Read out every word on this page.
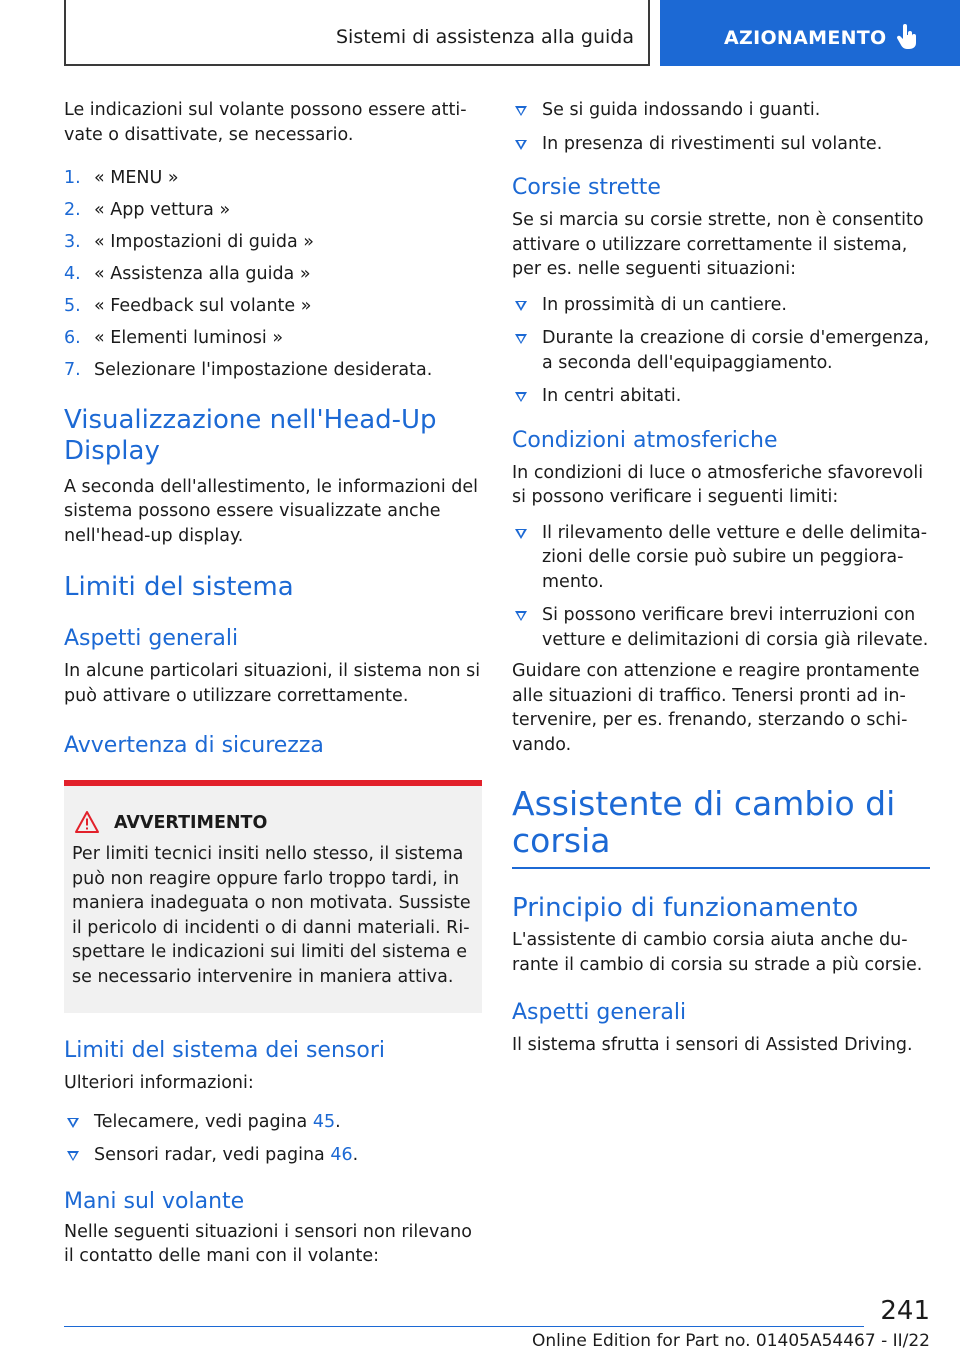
Sistemi di assistenza alla guida	AZIONAMENTO

Le indicazioni sul volante possono essere attivate o disattivate, se necessario.

1. « MENU »
2. « App vettura »
3. « Impostazioni di guida »
4. « Assistenza alla guida »
5. « Feedback sul volante »
6. « Elementi luminosi »
7. Selezionare l'impostazione desiderata.
Visualizzazione nell'Head-Up Display

A seconda dell'allestimento, le informazioni del sistema possono essere visualizzate anche nell'head-up display.

Limiti del sistema
Aspetti generali

In alcune particolari situazioni, il sistema non si può attivare o utilizzare correttamente.

Avvertenza di sicurezza
AVVERTIMENTO

Per limiti tecnici insiti nello stesso, il sistema può non reagire oppure farlo troppo tardi, in maniera inadeguata o non motivata. Sussiste il pericolo di incidenti o di danni materiali. Rispettare le indicazioni sui limiti del sistema e se necessario intervenire in maniera attiva.

Limiti del sistema dei sensori

Ulteriori informazioni:

Telecamere, vedi pagina 45.
Sensori radar, vedi pagina 46.
Mani sul volante

Nelle seguenti situazioni i sensori non rilevano il contatto delle mani con il volante:

Se si guida indossando i guanti.
In presenza di rivestimenti sul volante.
Corsie strette

Se si marcia su corsie strette, non è consentito attivare o utilizzare correttamente il sistema, per es. nelle seguenti situazioni:

In prossimità di un cantiere.
Durante la creazione di corsie d'emergenza, a seconda dell'equipaggiamento.
In centri abitati.
Condizioni atmosferiche

In condizioni di luce o atmosferiche sfavorevoli si possono verificare i seguenti limiti:

Il rilevamento delle vetture e delle delimitazioni delle corsie può subire un peggioramento.
Si possono verificare brevi interruzioni con vetture e delimitazioni di corsia già rilevate.

Guidare con attenzione e reagire prontamente alle situazioni di traffico. Tenersi pronti ad intervenire, per es. frenando, sterzando o schivando.

Assistente di cambio di corsia
Principio di funzionamento

L'assistente di cambio corsia aiuta anche durante il cambio di corsia su strade a più corsie.

Aspetti generali

Il sistema sfrutta i sensori di Assisted Driving.

241
Online Edition for Part no. 01405A54467 - II/22
